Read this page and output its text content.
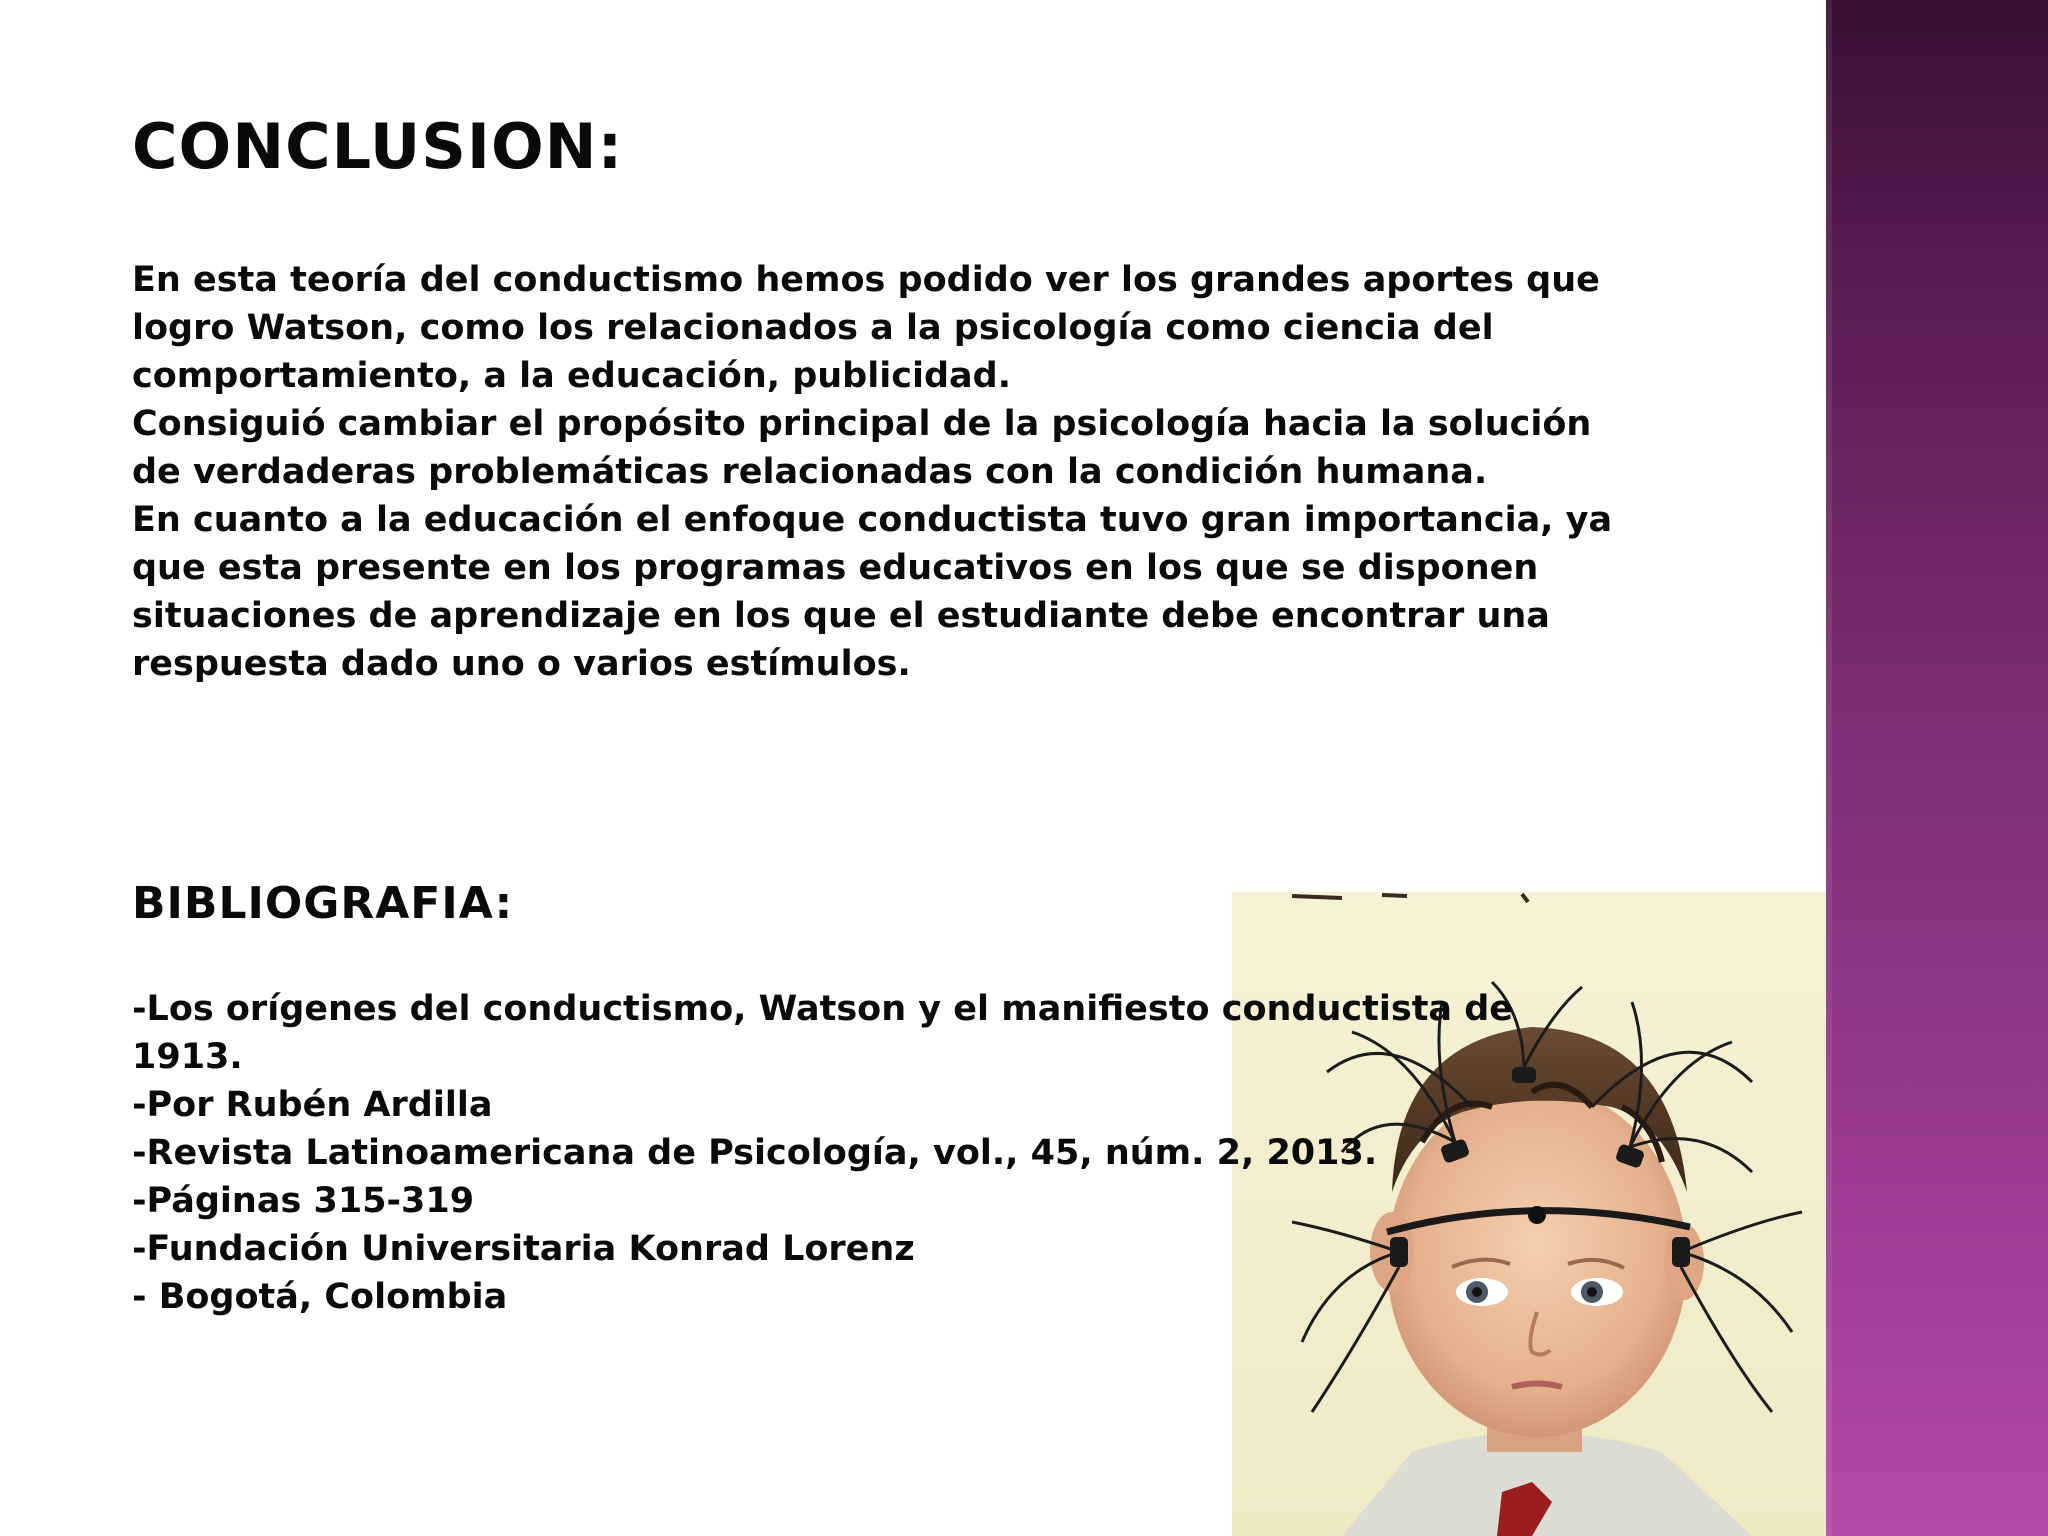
CONCLUSION:

En esta teoría del conductismo hemos podido ver los grandes aportes que logro Watson, como los relacionados a la psicología como ciencia del comportamiento, a la educación, publicidad.

Consiguió cambiar el propósito principal de la psicología hacia la solución de verdaderas problemáticas relacionadas con la condición humana.

En cuanto a la educación el enfoque conductista tuvo gran importancia, ya que esta presente en los programas educativos en los que se disponen situaciones de aprendizaje en los que el estudiante debe encontrar una respuesta dado uno o varios estímulos.

BIBLIOGRAFIA:
-Los orígenes del conductismo, Watson y el manifiesto conductista de 1913.
-Por Rubén Ardilla
-Revista Latinoamericana de Psicología, vol., 45, núm. 2, 2013.
-Páginas 315-319
-Fundación Universitaria Konrad Lorenz
- Bogotá, Colombia
